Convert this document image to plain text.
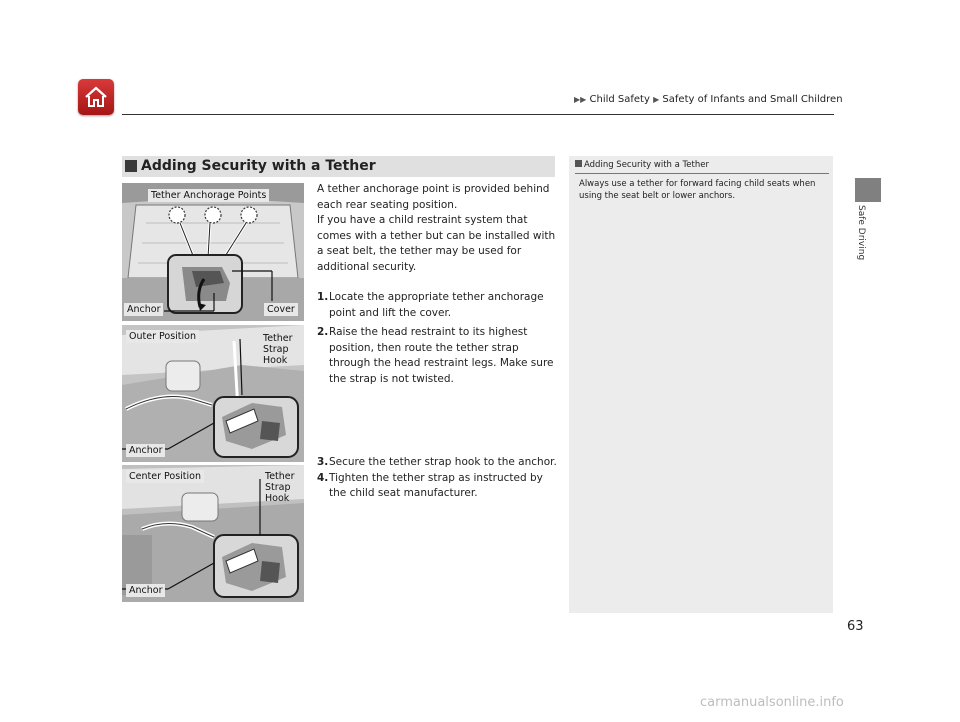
▶▶ Child Safety ▶ Safety of Infants and Small Children
Safe Driving
Adding Security with a Tether
Tether Anchorage Points
Anchor	Cover
Outer Position	Tether
Strap
Hook
Anchor
Center Position	Tether
Strap
Hook
Anchor

A tether anchorage point is provided behind each rear seating position.

If you have a child restraint system that comes with a tether but can be installed with a seat belt, the tether may be used for additional security.

1. Locate the appropriate tether anchorage point and lift the cover.
2. Raise the head restraint to its highest position, then route the tether strap through the head restraint legs. Make sure the strap is not twisted.
3. Secure the tether strap hook to the anchor.
4. Tighten the tether strap as instructed by the child seat manufacturer.
Adding Security with a Tether
Always use a tether for forward facing child seats when using the seat belt or lower anchors.
63
carmanualsonline.info
